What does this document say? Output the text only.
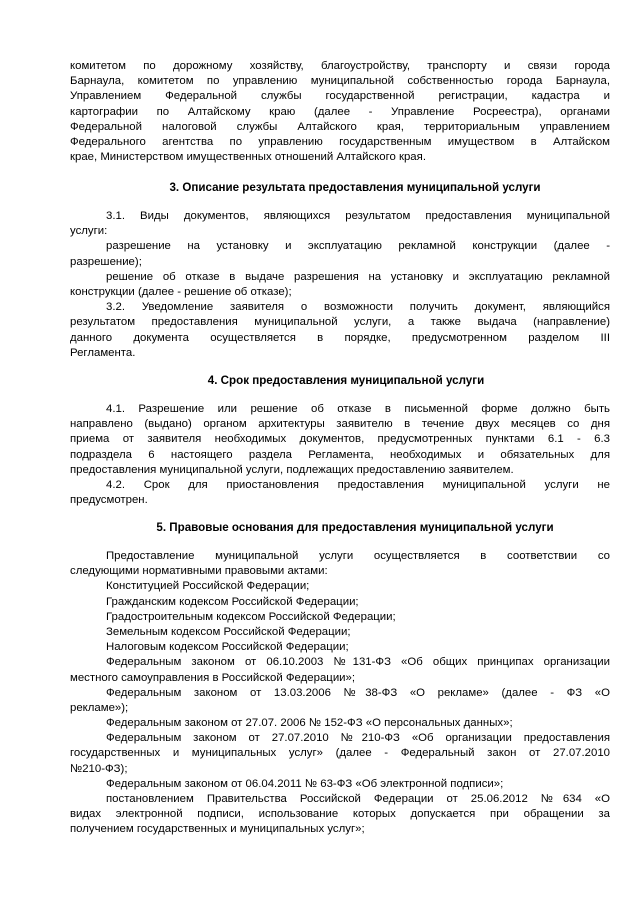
комитетом по дорожному хозяйству, благоустройству, транспорту и связи города
Барнаула, комитетом по управлению муниципальной собственностью города Барнаула,
Управлением Федеральной службы государственной регистрации, кадастра и
картографии по Алтайскому краю (далее - Управление Росреестра), органами
Федеральной налоговой службы Алтайского края, территориальным управлением
Федерального агентства по управлению государственным имуществом в Алтайском
крае, Министерством имущественных отношений Алтайского края.
3. Описание результата предоставления муниципальной услуги
3.1. Виды документов, являющихся результатом предоставления муниципальной
услуги:
разрешение на установку и эксплуатацию рекламной конструкции (далее -
разрешение);
решение об отказе в выдаче разрешения на установку и эксплуатацию рекламной
конструкции (далее - решение об отказе);
3.2. Уведомление заявителя о возможности получить документ, являющийся
результатом предоставления муниципальной услуги, а также выдача (направление)
данного документа осуществляется в порядке, предусмотренном разделом III
Регламента.
4. Срок предоставления муниципальной услуги
4.1. Разрешение или решение об отказе в письменной форме должно быть
направлено (выдано) органом архитектуры заявителю в течение двух месяцев со дня
приема от заявителя необходимых документов, предусмотренных пунктами 6.1 - 6.3
подраздела 6 настоящего раздела Регламента, необходимых и обязательных для
предоставления муниципальной услуги, подлежащих предоставлению заявителем.
4.2. Срок для приостановления предоставления муниципальной услуги не
предусмотрен.
5. Правовые основания для предоставления муниципальной услуги
Предоставление муниципальной услуги осуществляется в соответствии со
следующими нормативными правовыми актами:
Конституцией Российской Федерации;
Гражданским кодексом Российской Федерации;
Градостроительным кодексом Российской Федерации;
Земельным кодексом Российской Федерации;
Налоговым кодексом Российской Федерации;
Федеральным законом от 06.10.2003 №131-ФЗ «Об общих принципах организации
местного самоуправления в Российской Федерации»;
Федеральным законом от 13.03.2006 №38-ФЗ «О рекламе» (далее - ФЗ «О
рекламе»);
Федеральным законом от 27.07. 2006 № 152-ФЗ «О персональных данных»;
Федеральным законом от 27.07.2010 №210-ФЗ «Об организации предоставления
государственных и муниципальных услуг» (далее - Федеральный закон от 27.07.2010
№210-ФЗ);
Федеральным законом от 06.04.2011 № 63-ФЗ «Об электронной подписи»;
постановлением Правительства Российской Федерации от 25.06.2012 №634 «О
видах электронной подписи, использование которых допускается при обращении за
получением государственных и муниципальных услуг»;
